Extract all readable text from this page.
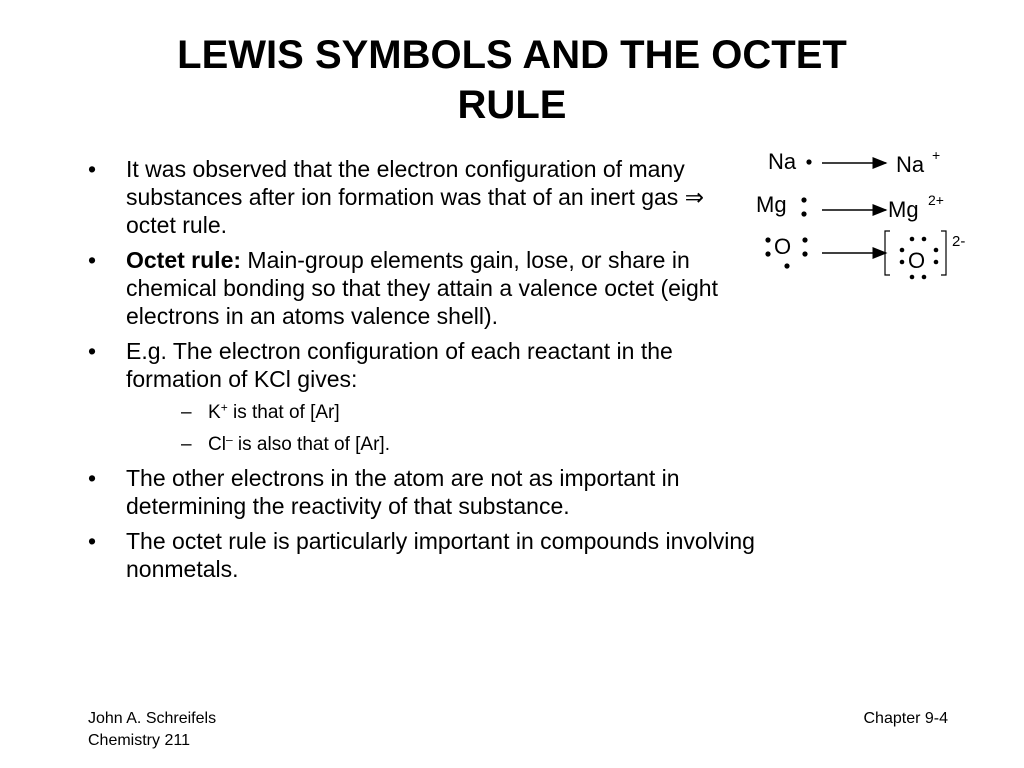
LEWIS SYMBOLS AND THE OCTET
RULE
• It was observed that the electron configuration of many substances after ion formation was that of an inert gas ⇒ octet rule.
• Octet rule: Main-group elements gain, lose, or share in chemical bonding so that they attain a valence octet (eight electrons in an atoms valence shell).
• E.g. The electron configuration of each reactant in the formation of KCl gives:
– K+ is that of [Ar]
– Cl– is also that of [Ar].
• The other electrons in the atom are not as important in determining the reactivity of that substance.
• The octet rule is particularly important in compounds involving nonmetals.
Na	Na +
Mg	Mg 2+
O
O
2-
John A. Schreifels
Chemistry 211
Chapter 9-4
